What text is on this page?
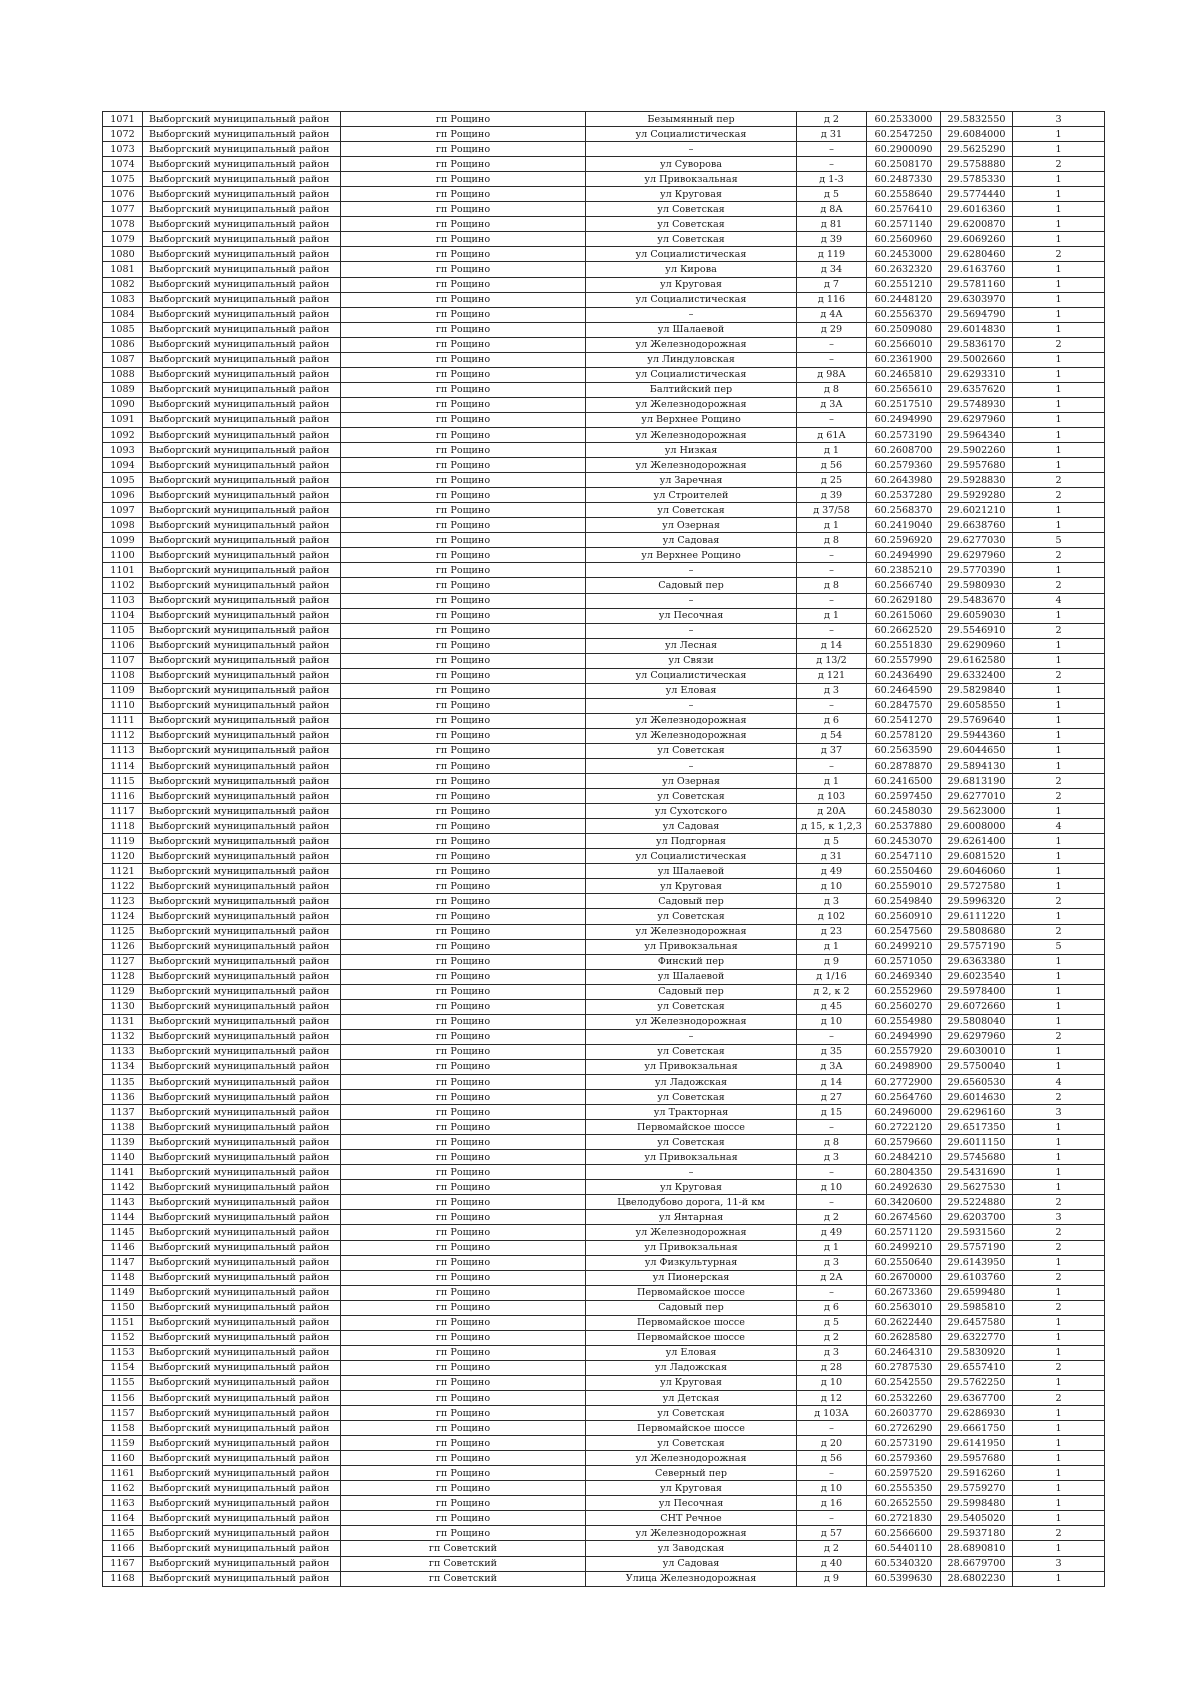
1071	Выборгский муниципальный район	гп Рощино	Безымянный пер	д 2	60.2533000	29.5832550	3
1072	Выборгский муниципальный район	гп Рощино	ул Социалистическая	д 31	60.2547250	29.6084000	1
1073	Выборгский муниципальный район	гп Рощино	–	–	60.2900090	29.5625290	1
1074	Выборгский муниципальный район	гп Рощино	ул Суворова	–	60.2508170	29.5758880	2
1075	Выборгский муниципальный район	гп Рощино	ул Привокзальная	д 1-3	60.2487330	29.5785330	1
1076	Выборгский муниципальный район	гп Рощино	ул Круговая	д 5	60.2558640	29.5774440	1
1077	Выборгский муниципальный район	гп Рощино	ул Советская	д 8А	60.2576410	29.6016360	1
1078	Выборгский муниципальный район	гп Рощино	ул Советская	д 81	60.2571140	29.6200870	1
1079	Выборгский муниципальный район	гп Рощино	ул Советская	д 39	60.2560960	29.6069260	1
1080	Выборгский муниципальный район	гп Рощино	ул Социалистическая	д 119	60.2453000	29.6280460	2
1081	Выборгский муниципальный район	гп Рощино	ул Кирова	д 34	60.2632320	29.6163760	1
1082	Выборгский муниципальный район	гп Рощино	ул Круговая	д 7	60.2551210	29.5781160	1
1083	Выборгский муниципальный район	гп Рощино	ул Социалистическая	д 116	60.2448120	29.6303970	1
1084	Выборгский муниципальный район	гп Рощино	–	д 4А	60.2556370	29.5694790	1
1085	Выборгский муниципальный район	гп Рощино	ул Шалаевой	д 29	60.2509080	29.6014830	1
1086	Выборгский муниципальный район	гп Рощино	ул Железнодорожная	–	60.2566010	29.5836170	2
1087	Выборгский муниципальный район	гп Рощино	ул Линдуловская	–	60.2361900	29.5002660	1
1088	Выборгский муниципальный район	гп Рощино	ул Социалистическая	д 98А	60.2465810	29.6293310	1
1089	Выборгский муниципальный район	гп Рощино	Балтийский пер	д 8	60.2565610	29.6357620	1
1090	Выборгский муниципальный район	гп Рощино	ул Железнодорожная	д 3А	60.2517510	29.5748930	1
1091	Выборгский муниципальный район	гп Рощино	ул Верхнее Рощино	–	60.2494990	29.6297960	1
1092	Выборгский муниципальный район	гп Рощино	ул Железнодорожная	д 61А	60.2573190	29.5964340	1
1093	Выборгский муниципальный район	гп Рощино	ул Низкая	д 1	60.2608700	29.5902260	1
1094	Выборгский муниципальный район	гп Рощино	ул Железнодорожная	д 56	60.2579360	29.5957680	1
1095	Выборгский муниципальный район	гп Рощино	ул Заречная	д 25	60.2643980	29.5928830	2
1096	Выборгский муниципальный район	гп Рощино	ул Строителей	д 39	60.2537280	29.5929280	2
1097	Выборгский муниципальный район	гп Рощино	ул Советская	д 37/58	60.2568370	29.6021210	1
1098	Выборгский муниципальный район	гп Рощино	ул Озерная	д 1	60.2419040	29.6638760	1
1099	Выборгский муниципальный район	гп Рощино	ул Садовая	д 8	60.2596920	29.6277030	5
1100	Выборгский муниципальный район	гп Рощино	ул Верхнее Рощино	–	60.2494990	29.6297960	2
1101	Выборгский муниципальный район	гп Рощино	–	–	60.2385210	29.5770390	1
1102	Выборгский муниципальный район	гп Рощино	Садовый пер	д 8	60.2566740	29.5980930	2
1103	Выборгский муниципальный район	гп Рощино	–	–	60.2629180	29.5483670	4
1104	Выборгский муниципальный район	гп Рощино	ул Песочная	д 1	60.2615060	29.6059030	1
1105	Выборгский муниципальный район	гп Рощино	–	–	60.2662520	29.5546910	2
1106	Выборгский муниципальный район	гп Рощино	ул Лесная	д 14	60.2551830	29.6290960	1
1107	Выборгский муниципальный район	гп Рощино	ул Связи	д 13/2	60.2557990	29.6162580	1
1108	Выборгский муниципальный район	гп Рощино	ул Социалистическая	д 121	60.2436490	29.6332400	2
1109	Выборгский муниципальный район	гп Рощино	ул Еловая	д 3	60.2464590	29.5829840	1
1110	Выборгский муниципальный район	гп Рощино	–	–	60.2847570	29.6058550	1
1111	Выборгский муниципальный район	гп Рощино	ул Железнодорожная	д 6	60.2541270	29.5769640	1
1112	Выборгский муниципальный район	гп Рощино	ул Железнодорожная	д 54	60.2578120	29.5944360	1
1113	Выборгский муниципальный район	гп Рощино	ул Советская	д 37	60.2563590	29.6044650	1
1114	Выборгский муниципальный район	гп Рощино	–	–	60.2878870	29.5894130	1
1115	Выборгский муниципальный район	гп Рощино	ул Озерная	д 1	60.2416500	29.6813190	2
1116	Выборгский муниципальный район	гп Рощино	ул Советская	д 103	60.2597450	29.6277010	2
1117	Выборгский муниципальный район	гп Рощино	ул Сухотского	д 20А	60.2458030	29.5623000	1
1118	Выборгский муниципальный район	гп Рощино	ул Садовая	д 15, к 1,2,3	60.2537880	29.6008000	4
1119	Выборгский муниципальный район	гп Рощино	ул Подгорная	д 5	60.2453070	29.6261400	1
1120	Выборгский муниципальный район	гп Рощино	ул Социалистическая	д 31	60.2547110	29.6081520	1
1121	Выборгский муниципальный район	гп Рощино	ул Шалаевой	д 49	60.2550460	29.6046060	1
1122	Выборгский муниципальный район	гп Рощино	ул Круговая	д 10	60.2559010	29.5727580	1
1123	Выборгский муниципальный район	гп Рощино	Садовый пер	д 3	60.2549840	29.5996320	2
1124	Выборгский муниципальный район	гп Рощино	ул Советская	д 102	60.2560910	29.6111220	1
1125	Выборгский муниципальный район	гп Рощино	ул Железнодорожная	д 23	60.2547560	29.5808680	2
1126	Выборгский муниципальный район	гп Рощино	ул Привокзальная	д 1	60.2499210	29.5757190	5
1127	Выборгский муниципальный район	гп Рощино	Финский пер	д 9	60.2571050	29.6363380	1
1128	Выборгский муниципальный район	гп Рощино	ул Шалаевой	д 1/16	60.2469340	29.6023540	1
1129	Выборгский муниципальный район	гп Рощино	Садовый пер	д 2, к 2	60.2552960	29.5978400	1
1130	Выборгский муниципальный район	гп Рощино	ул Советская	д 45	60.2560270	29.6072660	1
1131	Выборгский муниципальный район	гп Рощино	ул Железнодорожная	д 10	60.2554980	29.5808040	1
1132	Выборгский муниципальный район	гп Рощино	–	–	60.2494990	29.6297960	2
1133	Выборгский муниципальный район	гп Рощино	ул Советская	д 35	60.2557920	29.6030010	1
1134	Выборгский муниципальный район	гп Рощино	ул Привокзальная	д 3А	60.2498900	29.5750040	1
1135	Выборгский муниципальный район	гп Рощино	ул Ладожская	д 14	60.2772900	29.6560530	4
1136	Выборгский муниципальный район	гп Рощино	ул Советская	д 27	60.2564760	29.6014630	2
1137	Выборгский муниципальный район	гп Рощино	ул Тракторная	д 15	60.2496000	29.6296160	3
1138	Выборгский муниципальный район	гп Рощино	Первомайское шоссе	–	60.2722120	29.6517350	1
1139	Выборгский муниципальный район	гп Рощино	ул Советская	д 8	60.2579660	29.6011150	1
1140	Выборгский муниципальный район	гп Рощино	ул Привокзальная	д 3	60.2484210	29.5745680	1
1141	Выборгский муниципальный район	гп Рощино	–	–	60.2804350	29.5431690	1
1142	Выборгский муниципальный район	гп Рощино	ул Круговая	д 10	60.2492630	29.5627530	1
1143	Выборгский муниципальный район	гп Рощино	Цвелодубово дорога, 11-й км	–	60.3420600	29.5224880	2
1144	Выборгский муниципальный район	гп Рощино	ул Янтарная	д 2	60.2674560	29.6203700	3
1145	Выборгский муниципальный район	гп Рощино	ул Железнодорожная	д 49	60.2571120	29.5931560	2
1146	Выборгский муниципальный район	гп Рощино	ул Привокзальная	д 1	60.2499210	29.5757190	2
1147	Выборгский муниципальный район	гп Рощино	ул Физкультурная	д 3	60.2550640	29.6143950	1
1148	Выборгский муниципальный район	гп Рощино	ул Пионерская	д 2А	60.2670000	29.6103760	2
1149	Выборгский муниципальный район	гп Рощино	Первомайское шоссе	–	60.2673360	29.6599480	1
1150	Выборгский муниципальный район	гп Рощино	Садовый пер	д 6	60.2563010	29.5985810	2
1151	Выборгский муниципальный район	гп Рощино	Первомайское шоссе	д 5	60.2622440	29.6457580	1
1152	Выборгский муниципальный район	гп Рощино	Первомайское шоссе	д 2	60.2628580	29.6322770	1
1153	Выборгский муниципальный район	гп Рощино	ул Еловая	д 3	60.2464310	29.5830920	1
1154	Выборгский муниципальный район	гп Рощино	ул Ладожская	д 28	60.2787530	29.6557410	2
1155	Выборгский муниципальный район	гп Рощино	ул Круговая	д 10	60.2542550	29.5762250	1
1156	Выборгский муниципальный район	гп Рощино	ул Детская	д 12	60.2532260	29.6367700	2
1157	Выборгский муниципальный район	гп Рощино	ул Советская	д 103А	60.2603770	29.6286930	1
1158	Выборгский муниципальный район	гп Рощино	Первомайское шоссе	–	60.2726290	29.6661750	1
1159	Выборгский муниципальный район	гп Рощино	ул Советская	д 20	60.2573190	29.6141950	1
1160	Выборгский муниципальный район	гп Рощино	ул Железнодорожная	д 56	60.2579360	29.5957680	1
1161	Выборгский муниципальный район	гп Рощино	Северный пер	–	60.2597520	29.5916260	1
1162	Выборгский муниципальный район	гп Рощино	ул Круговая	д 10	60.2555350	29.5759270	1
1163	Выборгский муниципальный район	гп Рощино	ул Песочная	д 16	60.2652550	29.5998480	1
1164	Выборгский муниципальный район	гп Рощино	СНТ Речное	–	60.2721830	29.5405020	1
1165	Выборгский муниципальный район	гп Рощино	ул Железнодорожная	д 57	60.2566600	29.5937180	2
1166	Выборгский муниципальный район	гп Советский	ул Заводская	д 2	60.5440110	28.6890810	1
1167	Выборгский муниципальный район	гп Советский	ул Садовая	д 40	60.5340320	28.6679700	3
1168	Выборгский муниципальный район	гп Советский	Улица Железнодорожная	д 9	60.5399630	28.6802230	1
